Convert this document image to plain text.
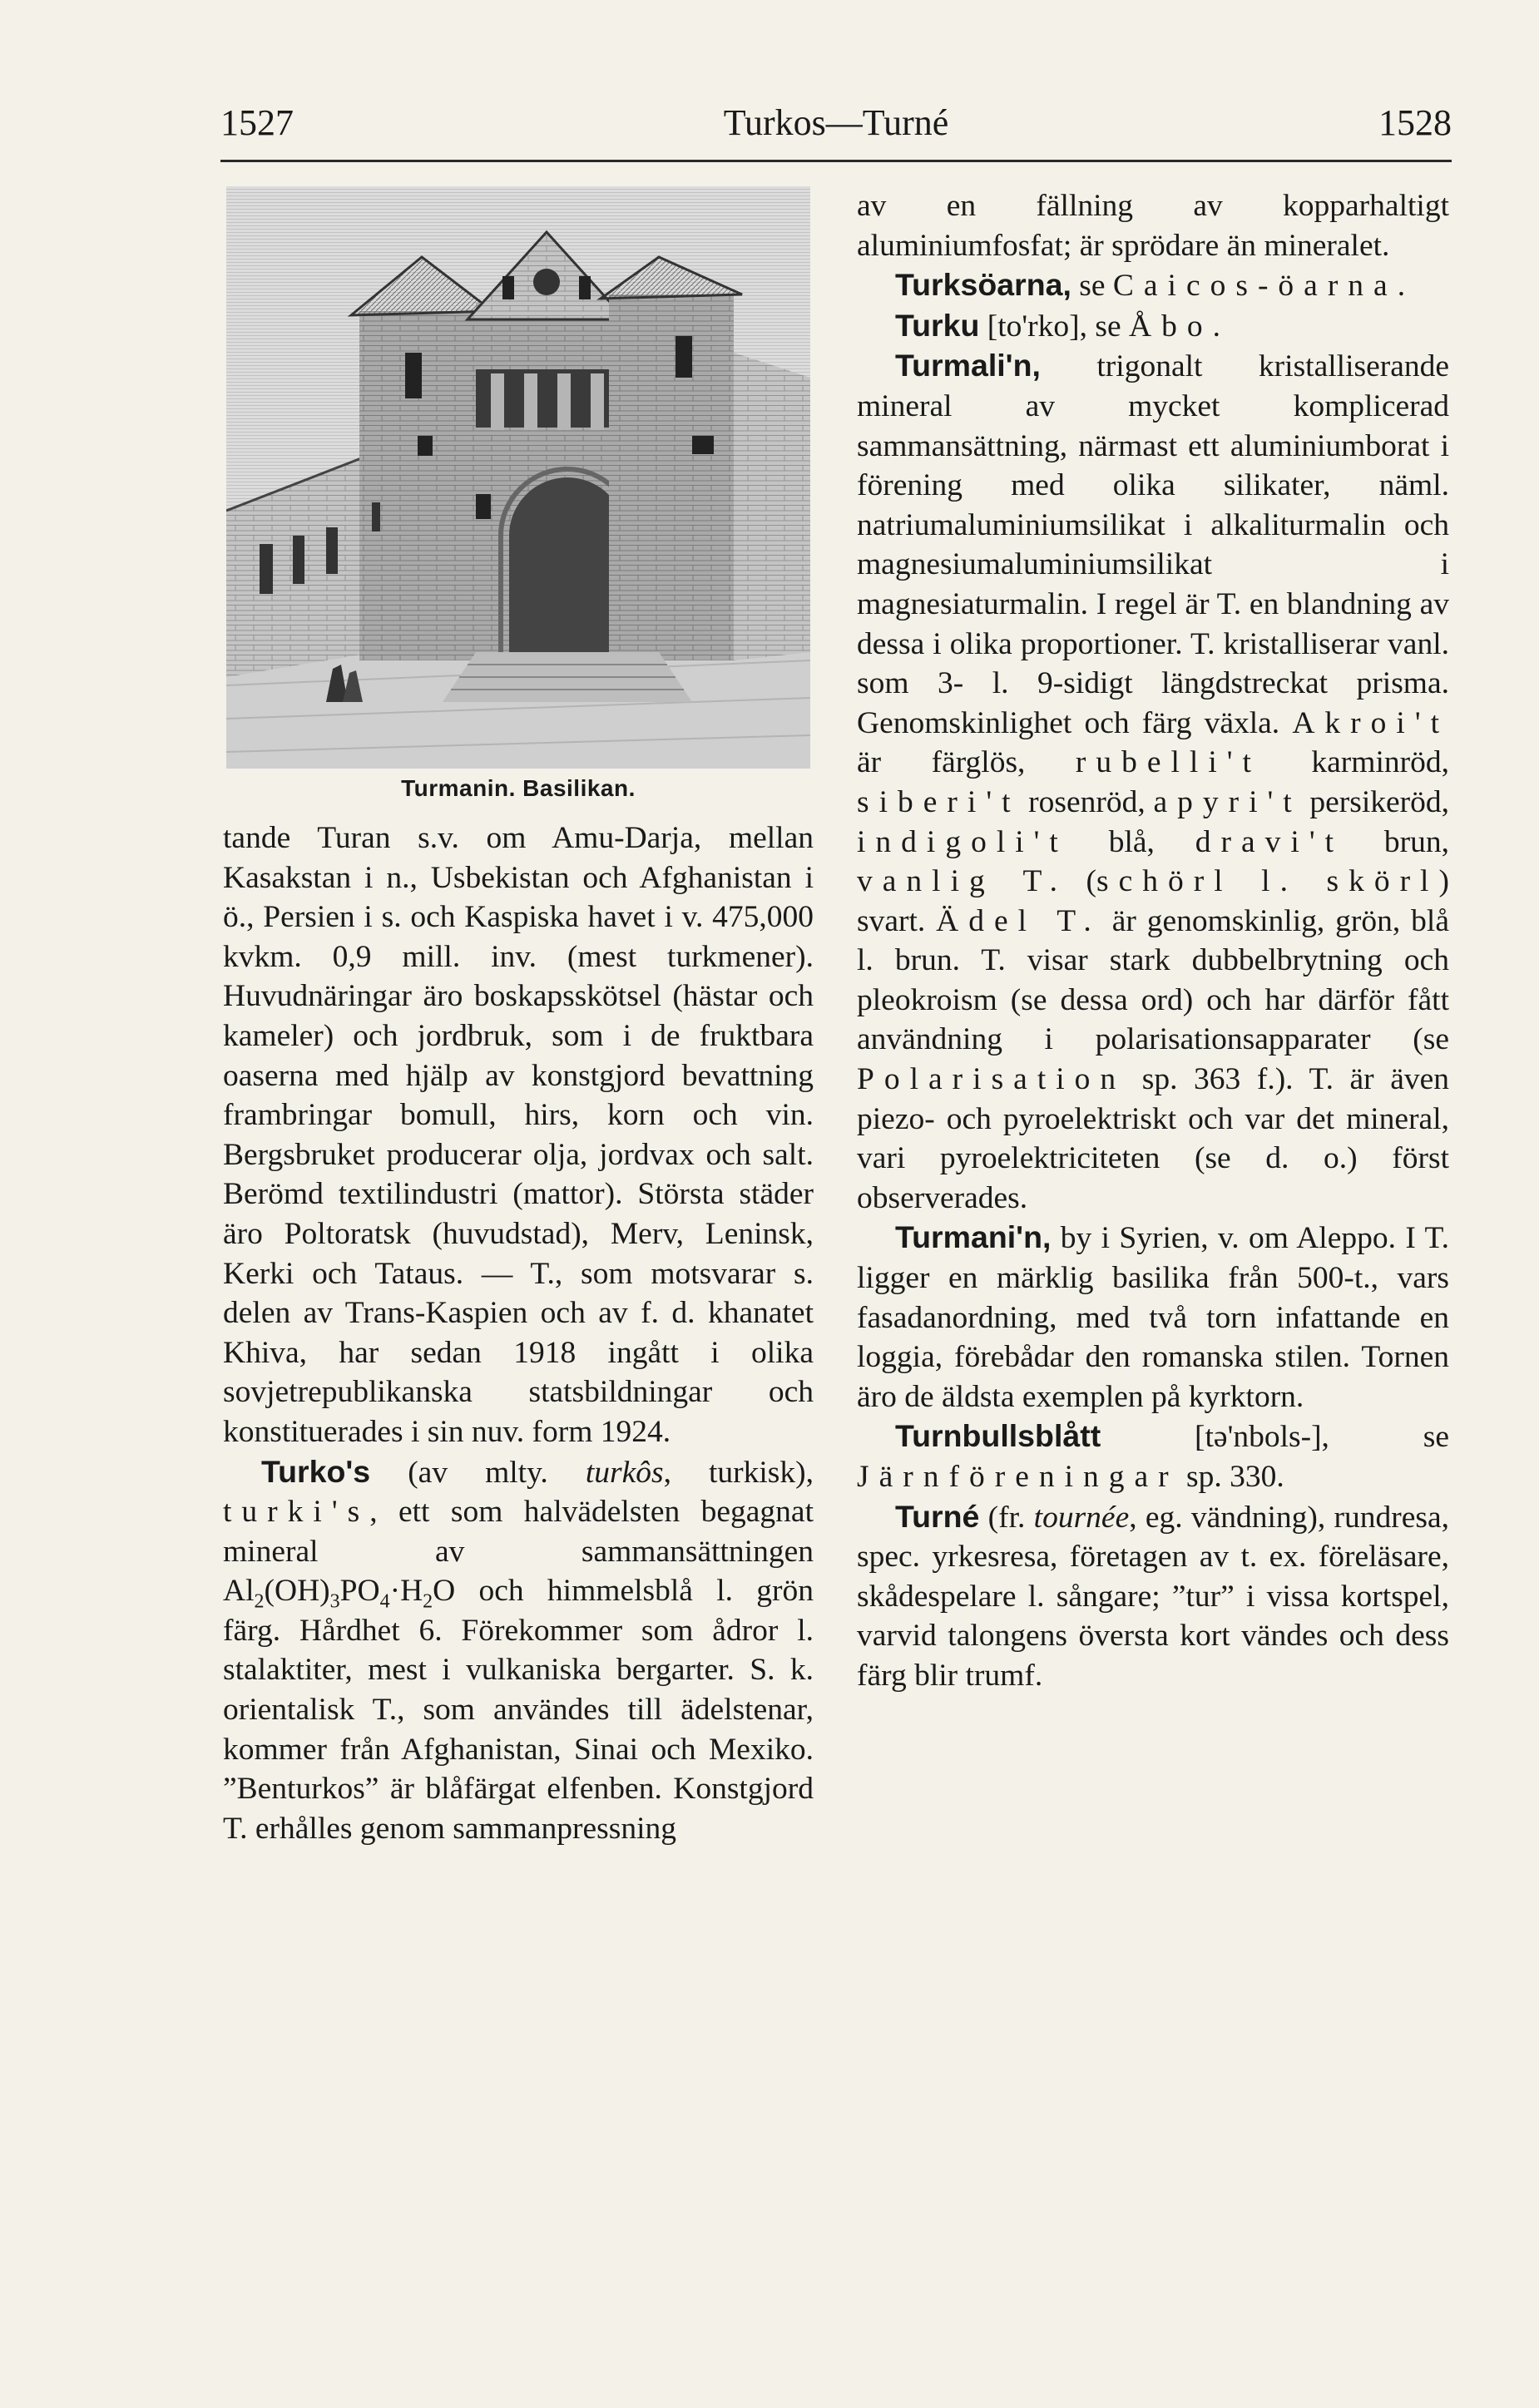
1527	Turkos—Turné	1528
Turmanin. Basilikan.

tande Turan s.v. om Amu-Darja, mellan Kasakstan i n., Usbekistan och Afghanistan i ö., Persien i s. och Kaspiska havet i v. 475,000 kvkm. 0,9 mill. inv. (mest turkmener). Huvudnäringar äro boskapsskötsel (hästar och kameler) och jordbruk, som i de fruktbara oaserna med hjälp av konstgjord bevattning frambringar bomull, hirs, korn och vin. Bergsbruket producerar olja, jordvax och salt. Berömd textilindustri (mattor). Största städer äro Poltoratsk (huvudstad), Merv, Leninsk, Kerki och Tataus. — T., som motsvarar s. delen av Trans-Kaspien och av f. d. khanatet Khiva, har sedan 1918 ingått i olika sovjetrepublikanska statsbildningar och konstituerades i sin nuv. form 1924.

Turko's (av mlty. turkôs, turkisk), turki's, ett som halvädelsten begagnat mineral av sammansättningen $Al_2(OH)_3PO_4\cdot H_2O$ och himmelsblå l. grön färg. Hårdhet 6. Förekommer som ådror l. stalaktiter, mest i vulkaniska bergarter. S. k. orientalisk T., som användes till ädelstenar, kommer från Afghanistan, Sinai och Mexiko. ”Benturkos” är blåfärgat elfenben. Konstgjord T. erhålles genom sammanpressning

av en fällning av kopparhaltigt aluminiumfosfat; är sprödare än mineralet.

Turksöarna, se Caicos-öarna.

Turku [to'rko], se Åbo.

Turmali'n, trigonalt kristalliserande mineral av mycket komplicerad sammansättning, närmast ett aluminiumborat i förening med olika silikater, näml. natriumaluminiumsilikat i alkaliturmalin och magnesiumaluminiumsilikat i magnesiaturmalin. I regel är T. en blandning av dessa i olika proportioner. T. kristalliserar vanl. som 3- l. 9-sidigt längdstreckat prisma. Genomskinlighet och färg växla. Akroi't är färglös, rubelli't karminröd, siberi't rosenröd, apyri't persikeröd, indigoli't blå, dravi't brun, vanlig T. (schörl l. skörl) svart. Ädel T. är genomskinlig, grön, blå l. brun. T. visar stark dubbelbrytning och pleokroism (se dessa ord) och har därför fått användning i polarisationsapparater (se Polarisation sp. 363 f.). T. är även piezo- och pyroelektriskt och var det mineral, vari pyroelektriciteten (se d. o.) först observerades.

Turmani'n, by i Syrien, v. om Aleppo. I T. ligger en märklig basilika från 500-t., vars fasadanordning, med två torn infattande en loggia, förebådar den romanska stilen. Tornen äro de äldsta exemplen på kyrktorn.

Turnbullsblått [tə'nbols-], se Järnföreningar sp. 330.

Turné (fr. tournée, eg. vändning), rundresa, spec. yrkesresa, företagen av t. ex. föreläsare, skådespelare l. sångare; ”tur” i vissa kortspel, varvid talongens översta kort vändes och dess färg blir trumf.
